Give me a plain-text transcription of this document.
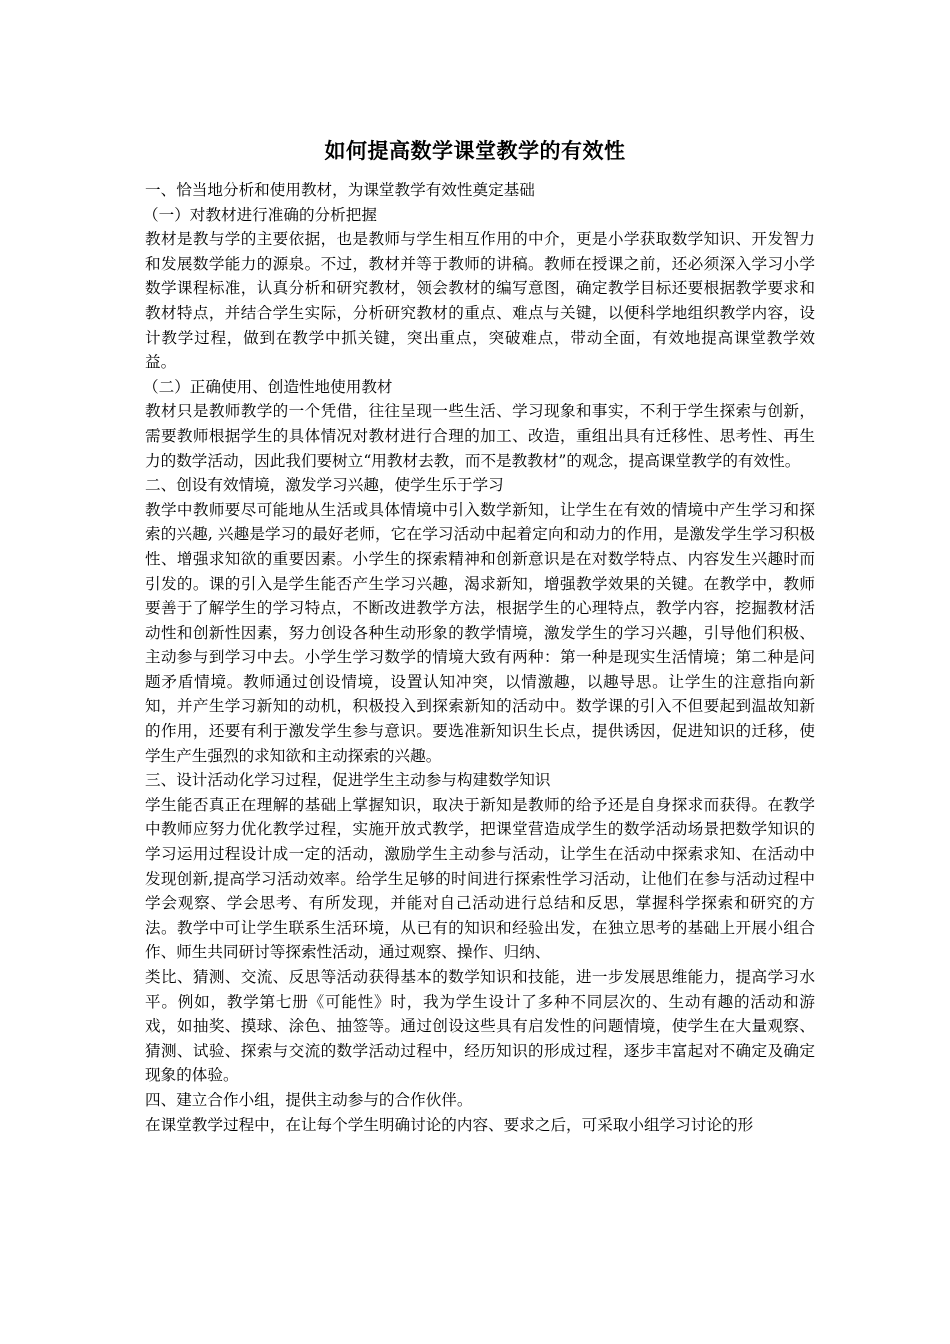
如何提高数学课堂教学的有效性

一、恰当地分析和使用教材，为课堂教学有效性奠定基础

（一）对教材进行准确的分析把握

教材是教与学的主要依据，也是教师与学生相互作用的中介，更是小学获取数学知识、开发智力和发展数学能力的源泉。不过，教材并等于教师的讲稿。教师在授课之前，还必须深入学习小学数学课程标准，认真分析和研究教材，领会教材的编写意图，确定教学目标还要根据教学要求和教材特点，并结合学生实际，分析研究教材的重点、难点与关键，以便科学地组织教学内容，设计教学过程，做到在教学中抓关键，突出重点，突破难点，带动全面，有效地提高课堂教学效益。

（二）正确使用、创造性地使用教材

教材只是教师教学的一个凭借，往往呈现一些生活、学习现象和事实，不利于学生探索与创新，需要教师根据学生的具体情况对教材进行合理的加工、改造，重组出具有迁移性、思考性、再生力的数学活动，因此我们要树立“用教材去教，而不是教教材”的观念，提高课堂教学的有效性。

二、创设有效情境，激发学习兴趣，使学生乐于学习

教学中教师要尽可能地从生活或具体情境中引入数学新知，让学生在有效的情境中产生学习和探索的兴趣, 兴趣是学习的最好老师，它在学习活动中起着定向和动力的作用，是激发学生学习积极性、增强求知欲的重要因素。小学生的探索精神和创新意识是在对数学特点、内容发生兴趣时而引发的。课的引入是学生能否产生学习兴趣，渴求新知，增强教学效果的关键。在教学中，教师要善于了解学生的学习特点，不断改进教学方法，根据学生的心理特点，教学内容，挖掘教材活动性和创新性因素，努力创设各种生动形象的教学情境，激发学生的学习兴趣，引导他们积极、主动参与到学习中去。小学生学习数学的情境大致有两种：第一种是现实生活情境；第二种是问题矛盾情境。教师通过创设情境，设置认知冲突，以情激趣，以趣导思。让学生的注意指向新知，并产生学习新知的动机，积极投入到探索新知的活动中。数学课的引入不但要起到温故知新的作用，还要有利于激发学生参与意识。要选准新知识生长点，提供诱因，促进知识的迁移，使学生产生强烈的求知欲和主动探索的兴趣。

三、设计活动化学习过程，促进学生主动参与构建数学知识

学生能否真正在理解的基础上掌握知识，取决于新知是教师的给予还是自身探求而获得。在教学中教师应努力优化教学过程，实施开放式教学，把课堂营造成学生的数学活动场景把数学知识的学习运用过程设计成一定的活动，激励学生主动参与活动，让学生在活动中探索求知、在活动中发现创新,提高学习活动效率。给学生足够的时间进行探索性学习活动，让他们在参与活动过程中学会观察、学会思考、有所发现，并能对自己活动进行总结和反思，掌握科学探索和研究的方法。教学中可让学生联系生活环境，从已有的知识和经验出发，在独立思考的基础上开展小组合作、师生共同研讨等探索性活动，通过观察、操作、归纳、

类比、猜测、交流、反思等活动获得基本的数学知识和技能，进一步发展思维能力，提高学习水平。例如，教学第七册《可能性》时，我为学生设计了多种不同层次的、生动有趣的活动和游戏，如抽奖、摸球、涂色、抽签等。通过创设这些具有启发性的问题情境，使学生在大量观察、猜测、试验、探索与交流的数学活动过程中，经历知识的形成过程，逐步丰富起对不确定及确定现象的体验。

四、建立合作小组，提供主动参与的合作伙伴。

在课堂教学过程中，在让每个学生明确讨论的内容、要求之后，可采取小组学习讨论的形
